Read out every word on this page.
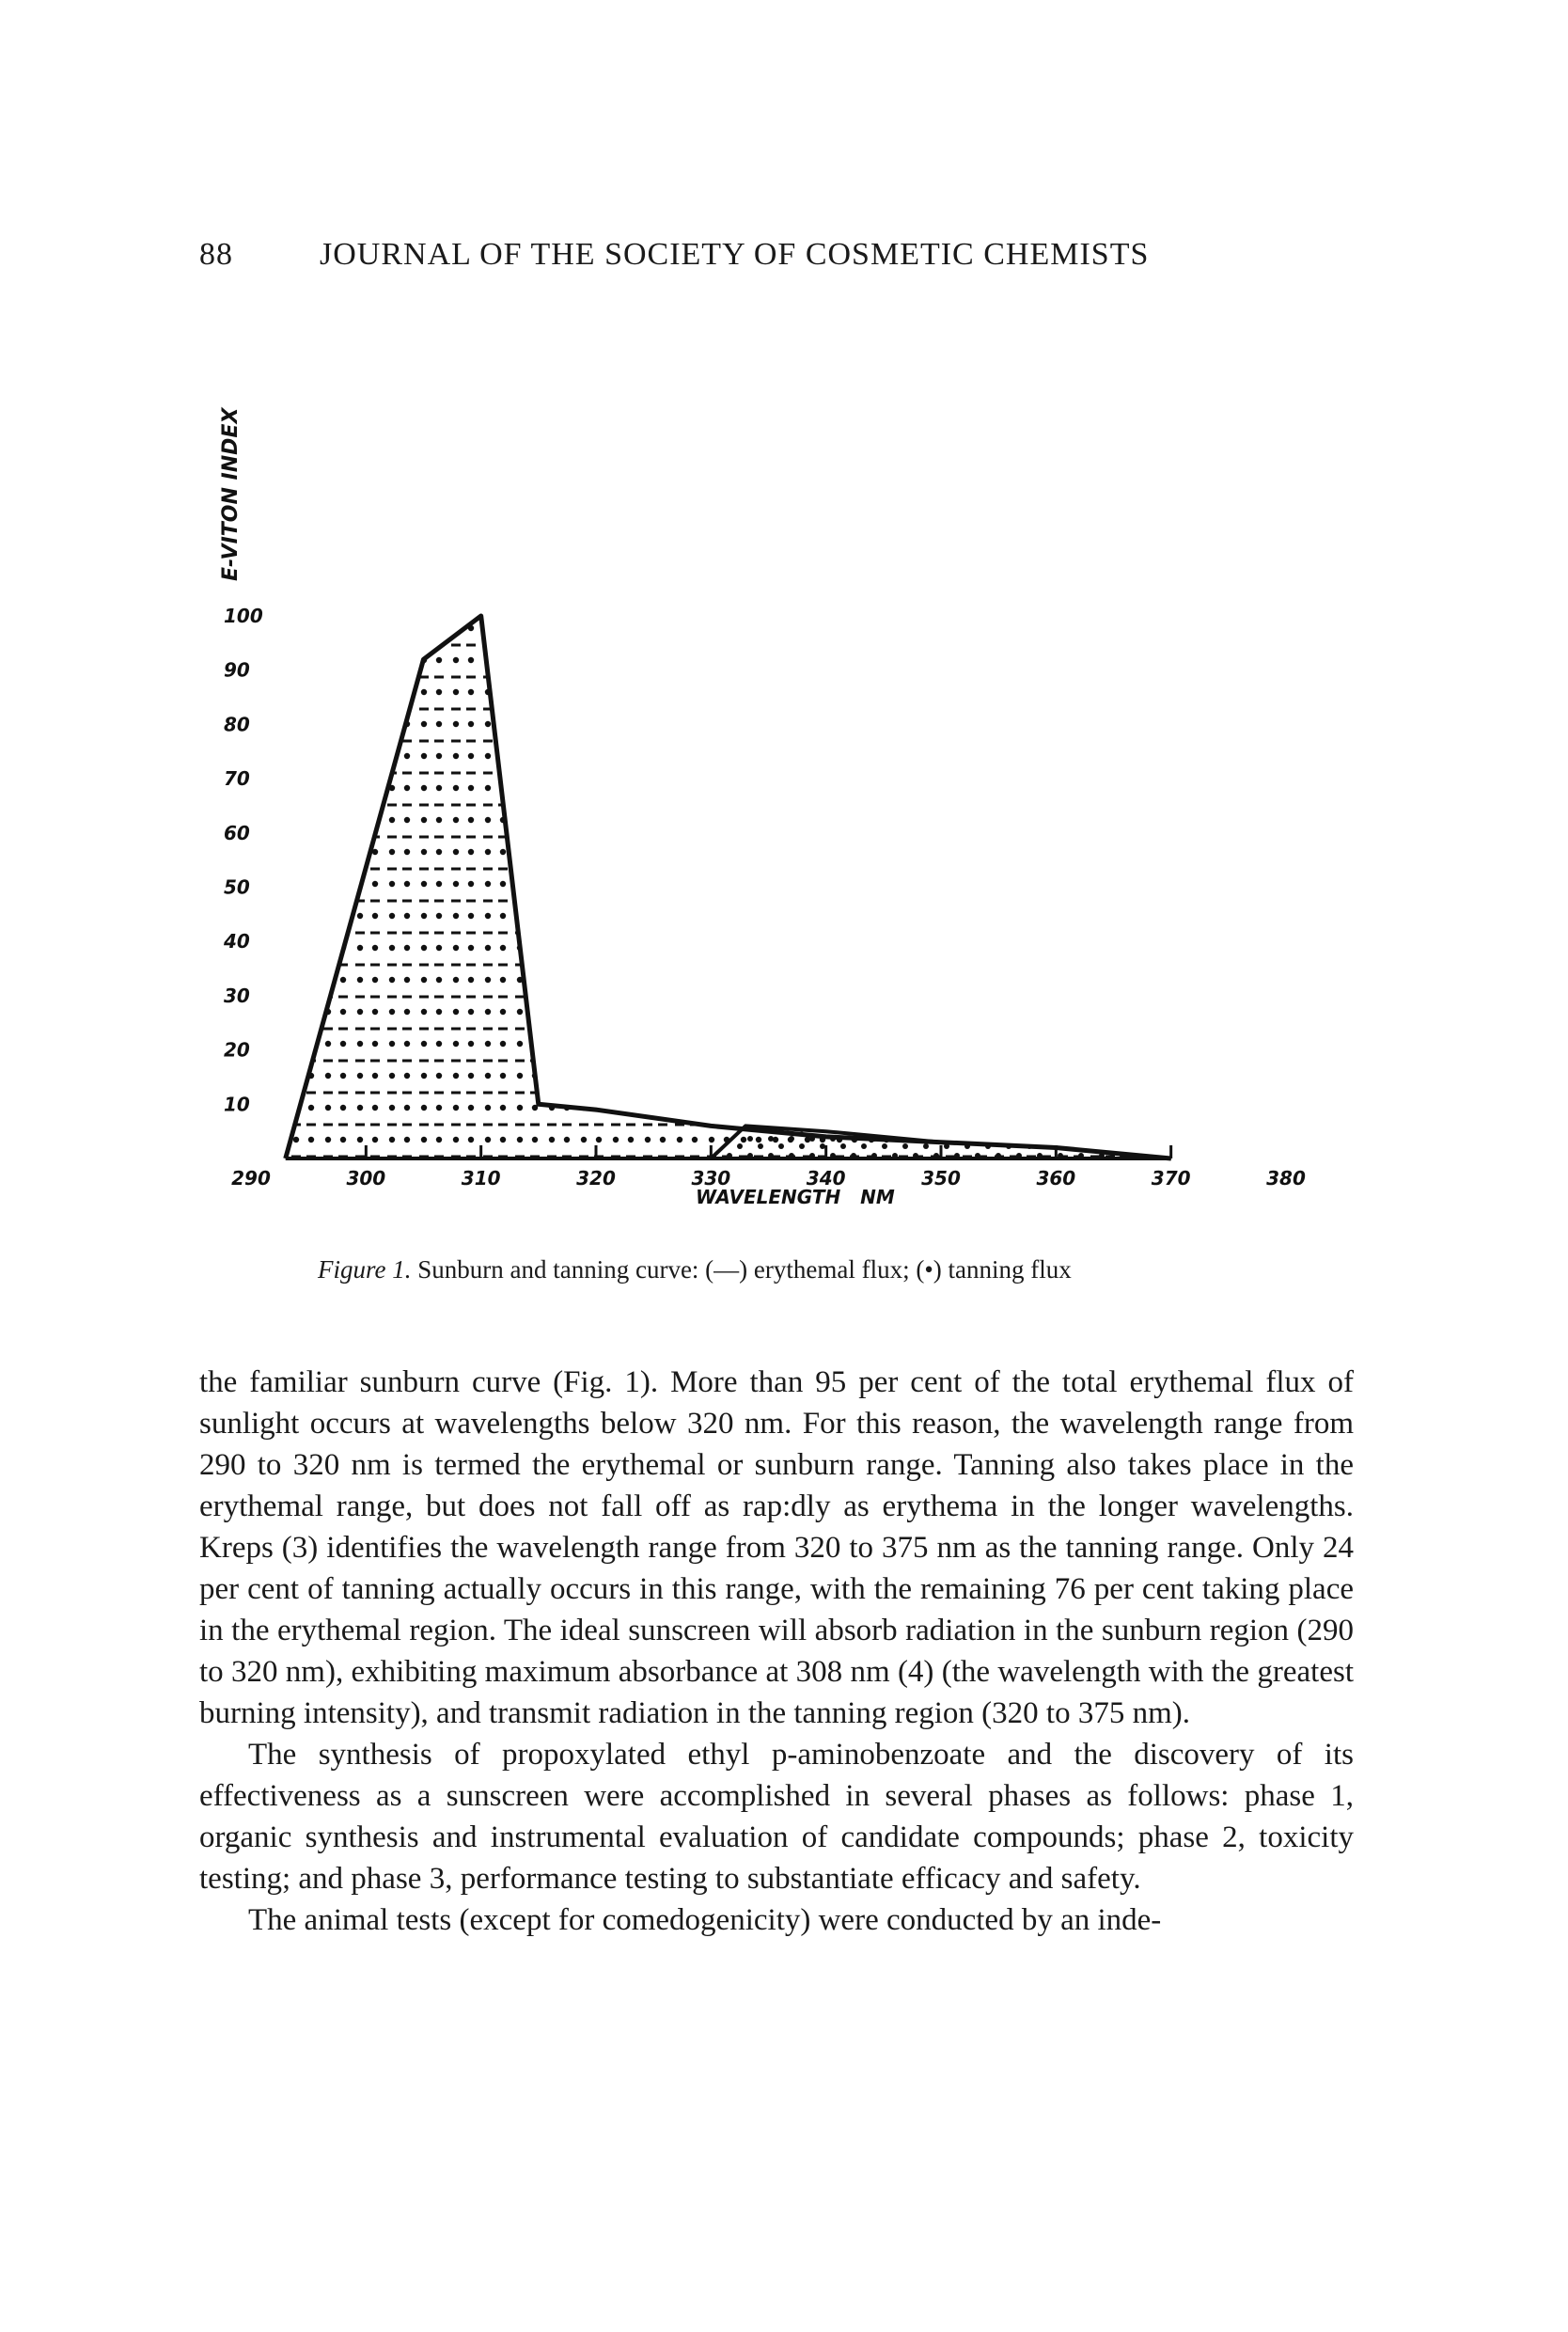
88	JOURNAL OF THE SOCIETY OF COSMETIC CHEMISTS
E-VITON INDEX
100
90
80
70
60
50
40
30
20
10
290	300	310	320	330	340	350	360	370	380
WAVELENGTH   NM
Figure 1. Sunburn and tanning curve: (—) erythemal flux; (•) tanning flux

the familiar sunburn curve (Fig. 1). More than 95 per cent of the total erythemal flux of sunlight occurs at wavelengths below 320 nm. For this reason, the wavelength range from 290 to 320 nm is termed the erythemal or sunburn range. Tanning also takes place in the erythemal range, but does not fall off as rap:dly as erythema in the longer wavelengths. Kreps (3) identifies the wavelength range from 320 to 375 nm as the tanning range. Only 24 per cent of tanning actually occurs in this range, with the remaining 76 per cent taking place in the erythemal region. The ideal sunscreen will absorb radiation in the sunburn region (290 to 320 nm), exhibiting maximum absorbance at 308 nm (4) (the wavelength with the greatest burning intensity), and transmit radiation in the tanning region (320 to 375 nm).

The synthesis of propoxylated ethyl p-aminobenzoate and the discovery of its effectiveness as a sunscreen were accomplished in several phases as follows: phase 1, organic synthesis and instrumental evaluation of candidate compounds; phase 2, toxicity testing; and phase 3, performance testing to substantiate efficacy and safety.

The animal tests (except for comedogenicity) were conducted by an inde-
